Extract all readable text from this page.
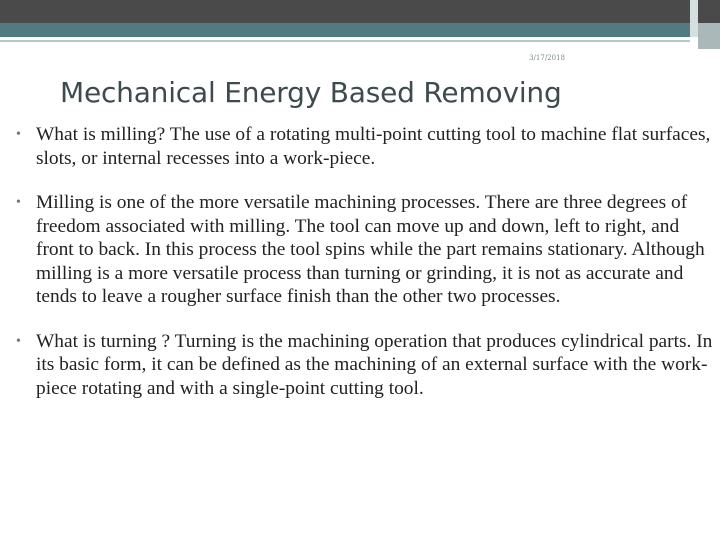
3/17/2018
Mechanical Energy Based Removing
• What is milling? The use of a rotating multi-point cutting tool to machine flat surfaces, slots, or internal recesses into a work-piece.
• Milling is one of the more versatile machining processes. There are three degrees of freedom associated with milling. The tool can move up and down, left to right, and front to back. In this process the tool spins while the part remains stationary. Although milling is a more versatile process than turning or grinding, it is not as accurate and tends to leave a rougher surface finish than the other two processes.
• What is turning ? Turning is the machining operation that produces cylindrical parts. In its basic form, it can be defined as the machining of an external surface with the work-piece rotating and with a single-point cutting tool.
